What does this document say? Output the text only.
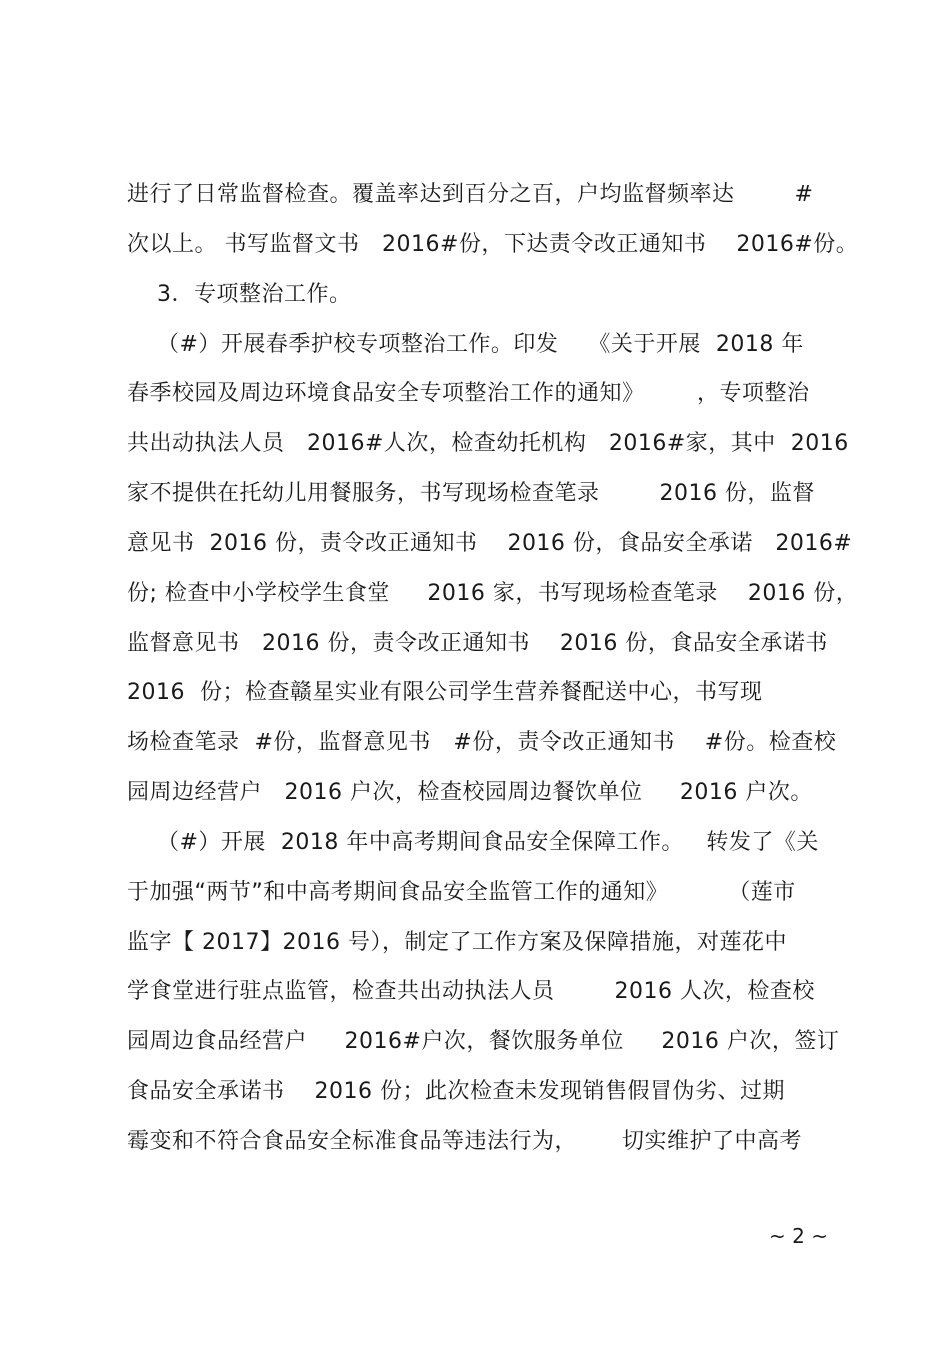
进行了日常监督检查。覆盖率达到百分之百，户均监督频率达        #
次以上。 书写监督文书   2016#份，下达责令改正通知书    2016#份。
3．专项整治工作。
（#）开展春季护校专项整治工作。印发    《关于开展  2018 年
春季校园及周边环境食品安全专项整治工作的通知》       ，专项整治
共出动执法人员   2016#人次，检查幼托机构   2016#家，其中  2016
家不提供在托幼儿用餐服务，书写现场检查笔录        2016 份，监督
意见书  2016 份，责令改正通知书    2016 份，食品安全承诺   2016#
份; 检查中小学校学生食堂     2016 家，书写现场检查笔录    2016 份，
监督意见书   2016 份，责令改正通知书    2016 份，食品安全承诺书
2016  份；检查赣星实业有限公司学生营养餐配送中心，书写现
场检查笔录  #份，监督意见书   #份，责令改正通知书    #份。检查校
园周边经营户   2016 户次，检查校园周边餐饮单位     2016 户次。
（#）开展  2018 年中高考期间食品安全保障工作。   转发了《关
于加强“两节”和中高考期间食品安全监管工作的通知》        （莲市
监字【 2017】2016 号），制定了工作方案及保障措施，对莲花中
学食堂进行驻点监管，检查共出动执法人员        2016 人次，检查校
园周边食品经营户     2016#户次，餐饮服务单位     2016 户次，签订
食品安全承诺书    2016 份；此次检查未发现销售假冒伪劣、过期
霉变和不符合食品安全标准食品等违法行为，      切实维护了中高考
~ 2 ~
